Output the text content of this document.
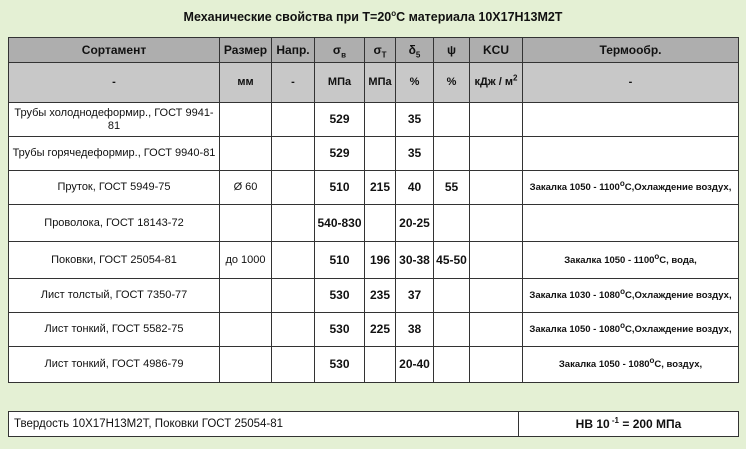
Механические свойства при $Т=20^oС$ материала 10Х17Н13М2Т
Сортамент	Размер	Напр.	$\sigma_в$	$\sigma_T$	$\delta_5$	ψ	KCU	Термообр.
-	мм	-	МПа	МПа	%	%	кДж / $м^2$	-
Трубы холоднодеформир., ГОСТ 9941-81			529		35			
Трубы горячедеформир., ГОСТ 9940-81			529		35			
Пруток, ГОСТ 5949-75	Ø 60		510	215	40	55		Закалка 1050 - 1100$^o$С,Охлаждение воздух,
Проволока, ГОСТ 18143-72			540-830		20-25			
Поковки, ГОСТ 25054-81	до 1000		510	196	30-38	45-50		Закалка 1050 - 1100$^o$С, вода,
Лист толстый, ГОСТ 7350-77			530	235	37			Закалка 1030 - 1080$^o$С,Охлаждение воздух,
Лист тонкий, ГОСТ 5582-75			530	225	38			Закалка 1050 - 1080$^o$С,Охлаждение воздух,
Лист тонкий, ГОСТ 4986-79			530		20-40			Закалка 1050 - 1080$^o$С, воздух,
Твердость 10Х17Н13М2Т, Поковки ГОСТ 25054-81	HB 10 $^{-1}$ = 200 МПа
